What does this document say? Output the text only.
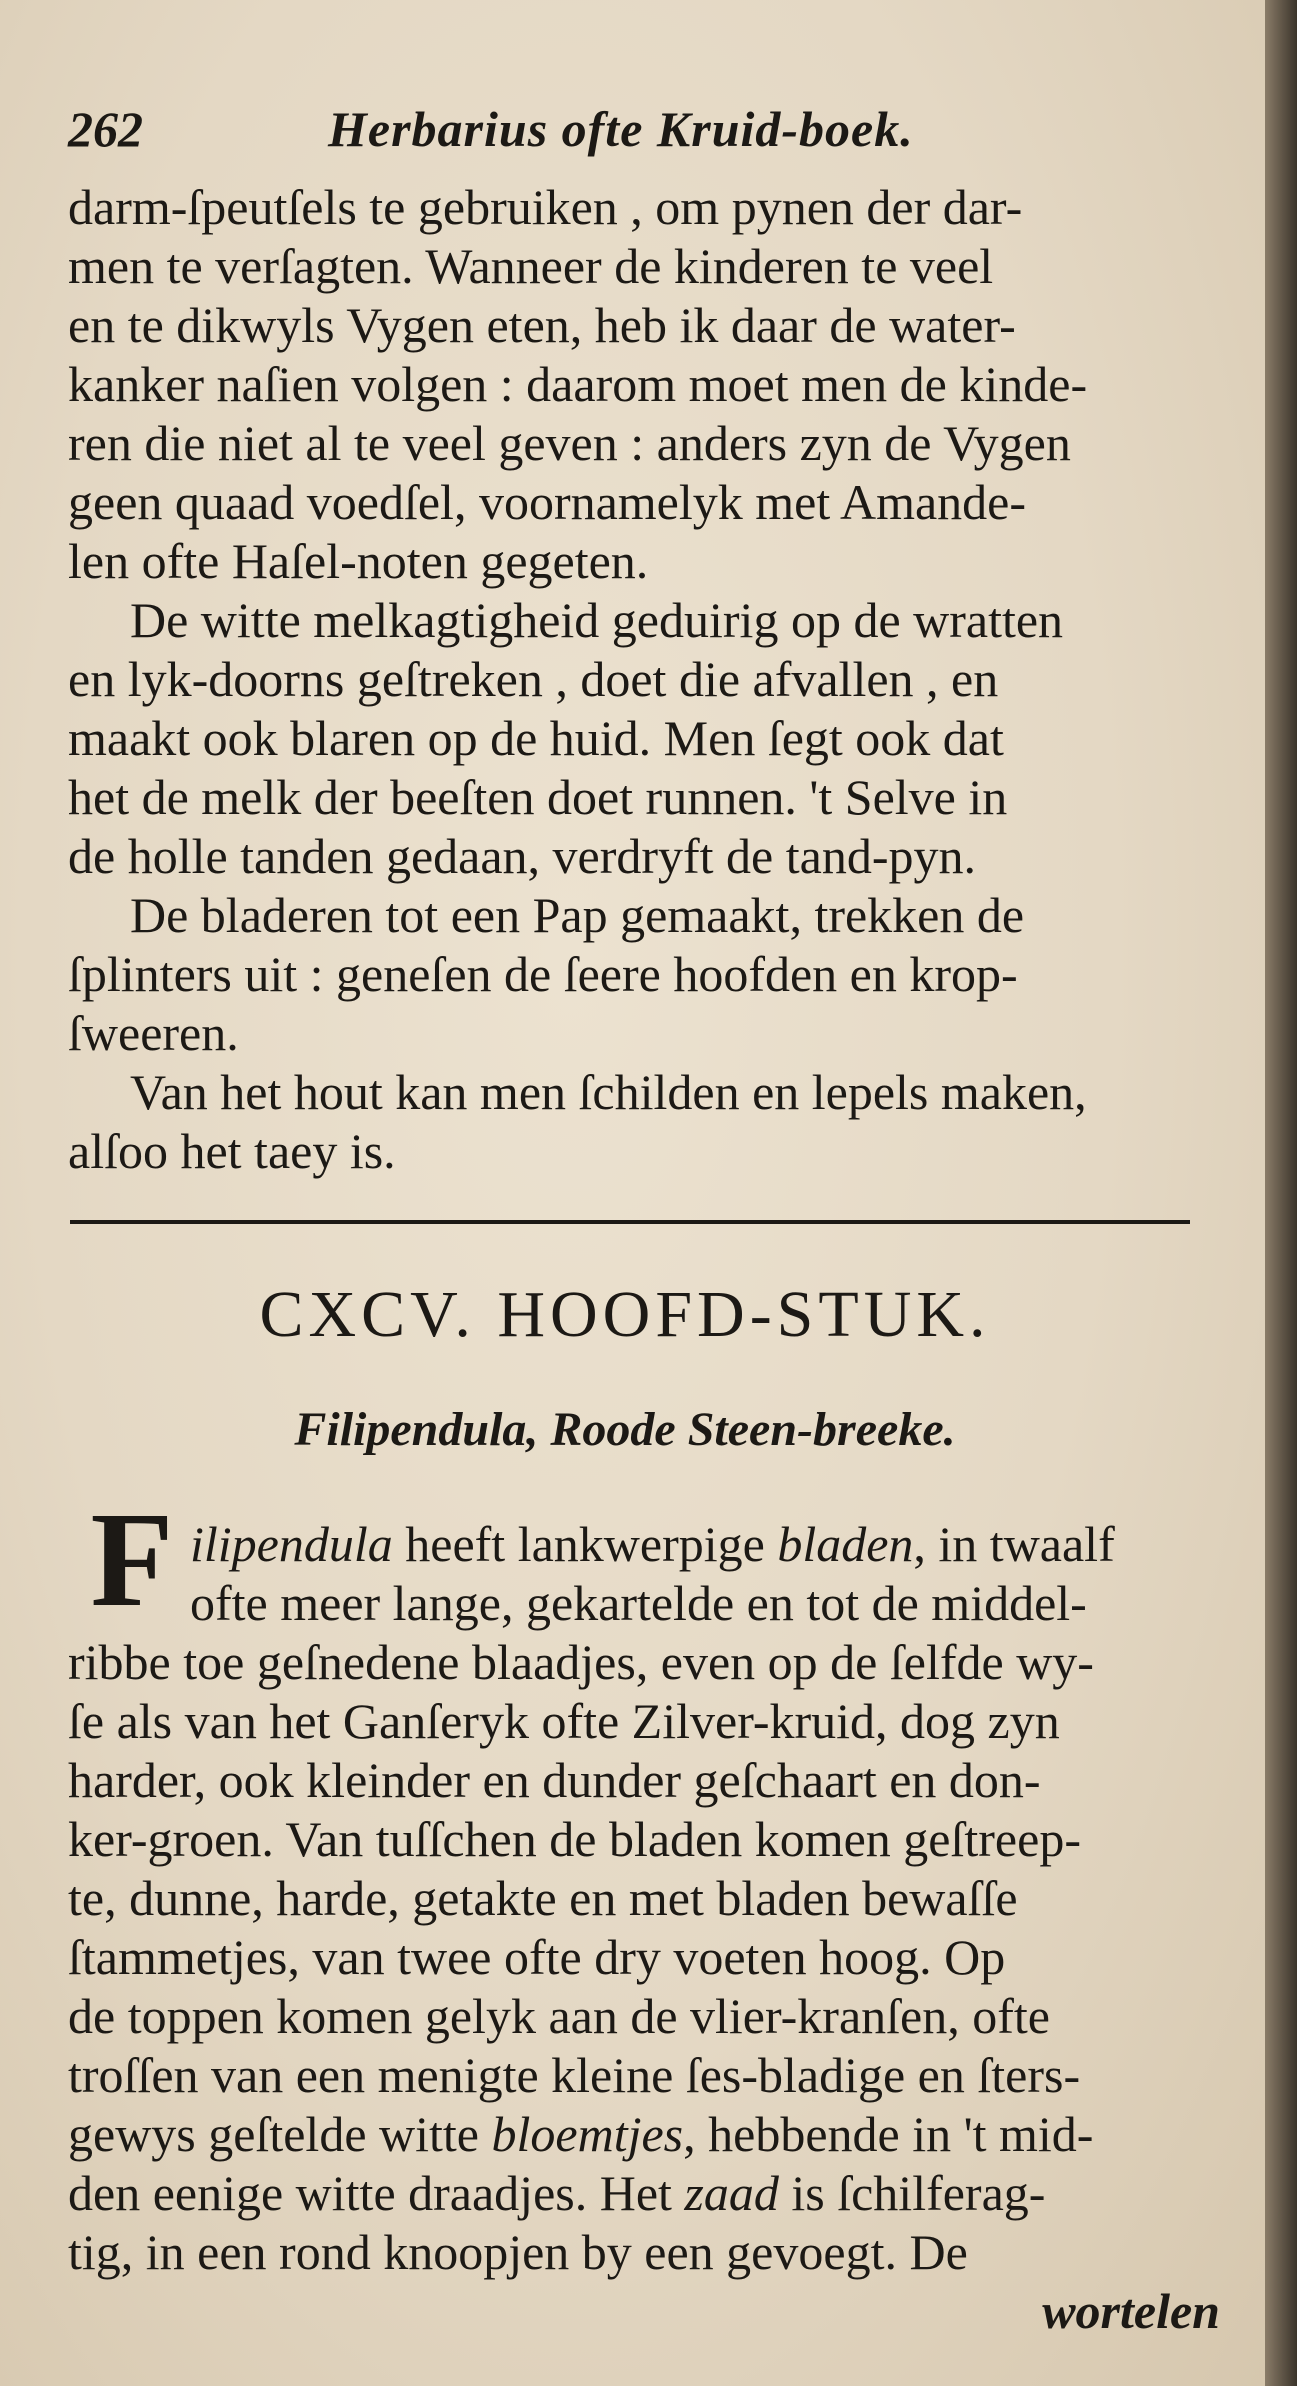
262	Herbarius ofte Kruid-boek.
darm-ſpeutſels te gebruiken , om pynen der dar-
men te verſagten. Wanneer de kinderen te veel
en te dikwyls Vygen eten, heb ik daar de water-
kanker naſien volgen : daarom moet men de kinde-
ren die niet al te veel geven : anders zyn de Vygen
geen quaad voedſel, voornamelyk met Amande-
len ofte Haſel-noten gegeten.
De witte melkagtigheid geduirig op de wratten
en lyk-doorns geſtreken , doet die afvallen , en
maakt ook blaren op de huid. Men ſegt ook dat
het de melk der beeſten doet runnen. 't Selve in
de holle tanden gedaan, verdryft de tand-pyn.
De bladeren tot een Pap gemaakt, trekken de
ſplinters uit : geneſen de ſeere hoofden en krop-
ſweeren.
Van het hout kan men ſchilden en lepels maken,
alſoo het taey is.
CXCV. HOOFD-STUK.
Filipendula, Roode Steen-breeke.
F ilipendula heeft lankwerpige bladen, in twaalf
ofte meer lange, gekartelde en tot de middel-
ribbe toe geſnedene blaadjes, even op de ſelfde wy-
ſe als van het Ganſeryk ofte Zilver-kruid, dog zyn
harder, ook kleinder en dunder geſchaart en don-
ker-groen. Van tuſſchen de bladen komen geſtreep-
te, dunne, harde, getakte en met bladen bewaſſe
ſtammetjes, van twee ofte dry voeten hoog. Op
de toppen komen gelyk aan de vlier-kranſen, ofte
troſſen van een menigte kleine ſes-bladige en ſters-
gewys geſtelde witte bloemtjes, hebbende in 't mid-
den eenige witte draadjes. Het zaad is ſchilferag-
tig, in een rond knoopjen by een gevoegt. De
wortelen
